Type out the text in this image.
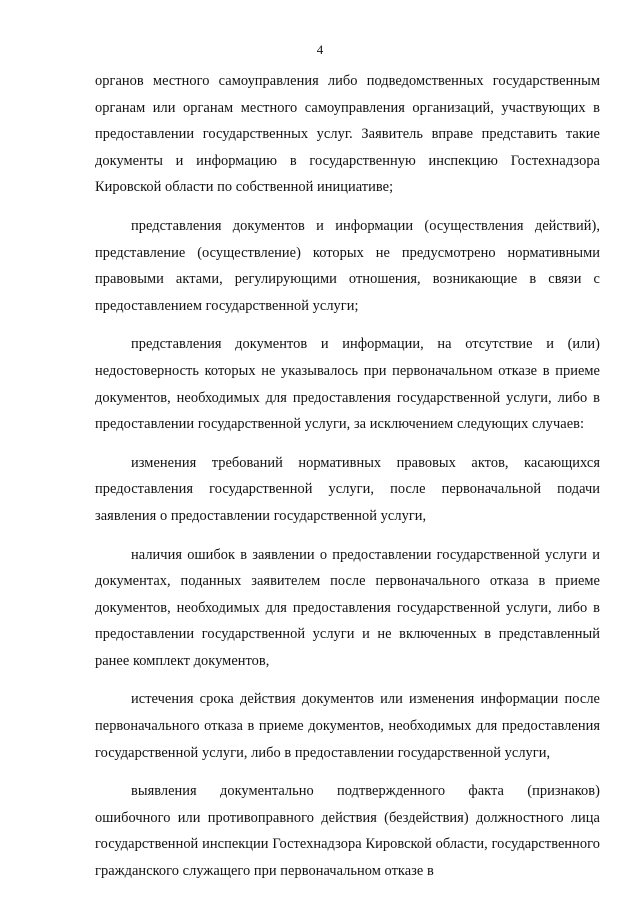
4

органов местного самоуправления либо подведомственных государственным органам или органам местного самоуправления организаций, участвующих в предоставлении государственных услуг. Заявитель вправе представить такие документы и информацию в государственную инспекцию Гостехнадзора Кировской области по собственной инициативе;

представления документов и информации (осуществления действий), представление (осуществление) которых не предусмотрено нормативными правовыми актами, регулирующими отношения, возникающие в связи с предоставлением государственной услуги;

представления документов и информации, на отсутствие и (или) недостоверность которых не указывалось при первоначальном отказе в приеме документов, необходимых для предоставления государственной услуги, либо в предоставлении государственной услуги, за исключением следующих случаев:

изменения требований нормативных правовых актов, касающихся предоставления государственной услуги, после первоначальной подачи заявления о предоставлении государственной услуги,

наличия ошибок в заявлении о предоставлении государственной услуги и документах, поданных заявителем после первоначального отказа в приеме документов, необходимых для предоставления государственной услуги, либо в предоставлении государственной услуги и не включенных в представленный ранее комплект документов,

истечения срока действия документов или изменения информации после первоначального отказа в приеме документов, необходимых для предоставления государственной услуги, либо в предоставлении государственной услуги,

выявления документально подтвержденного факта (признаков) ошибочного или противоправного действия (бездействия) должностного лица государственной инспекции Гостехнадзора Кировской области, государственного гражданского служащего при первоначальном отказе в
